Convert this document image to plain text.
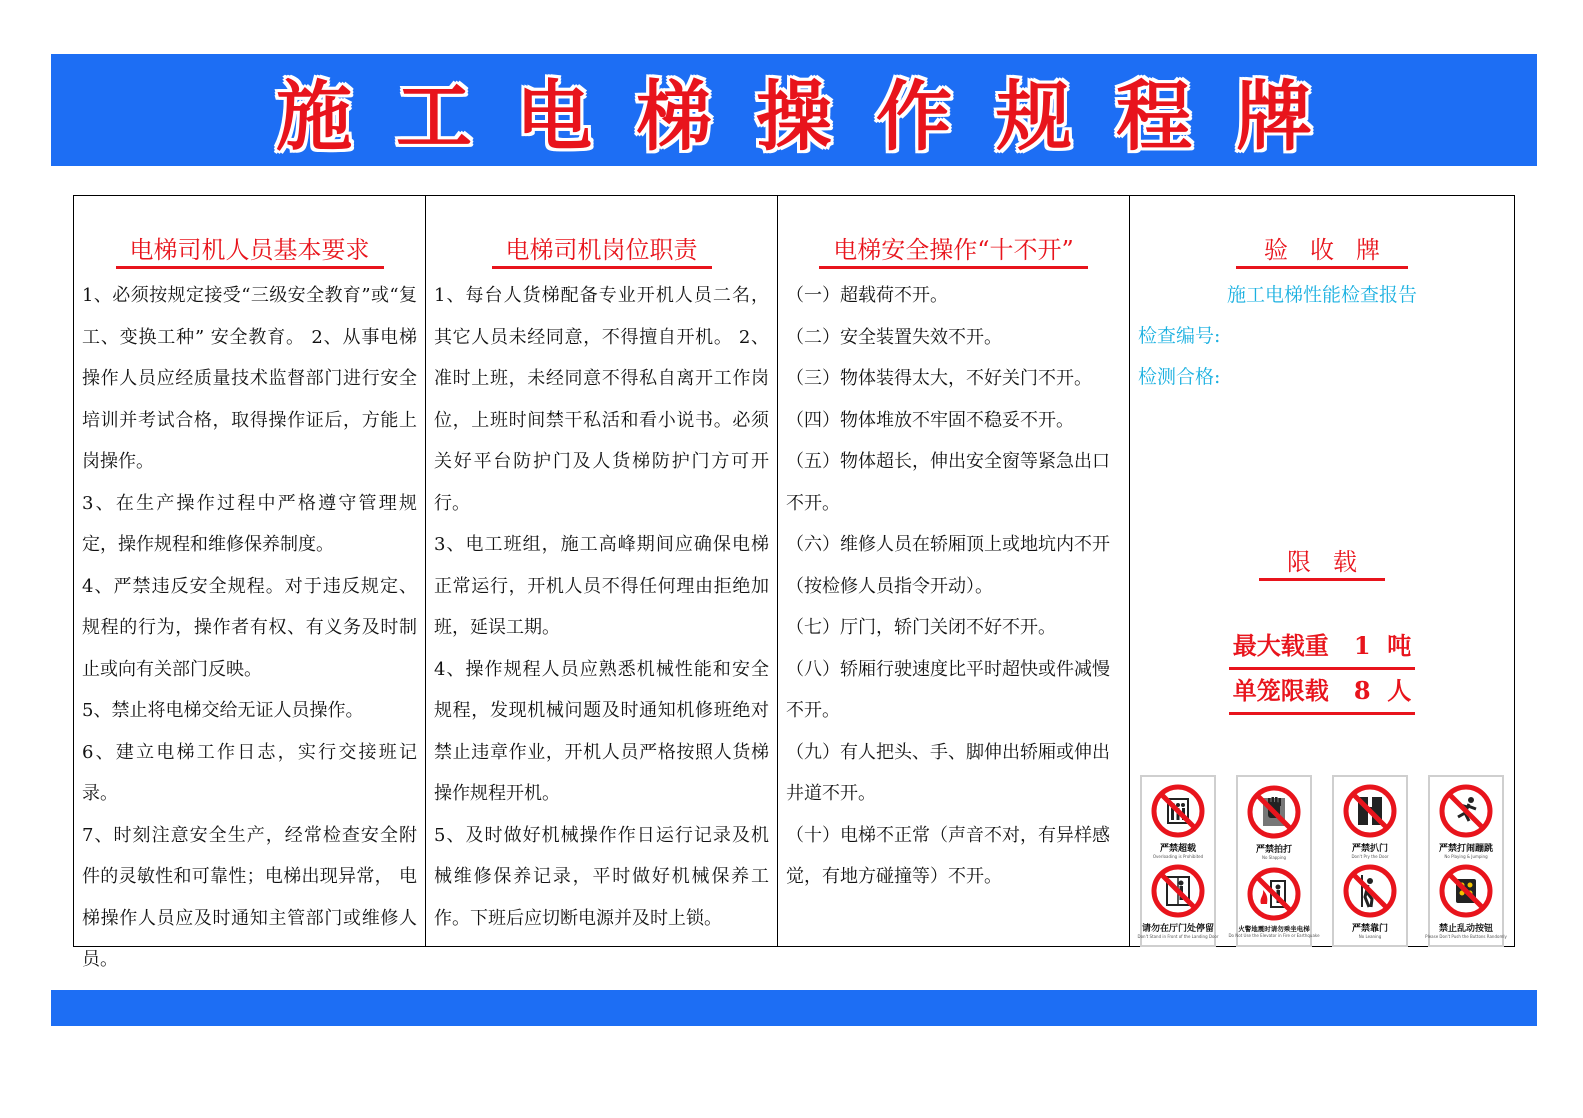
施工电梯操作规程牌
电梯司机人员基本要求

1、必须按规定接受“三级安全教育”或“复工、变换工种” 安全教育。 2、从事电梯操作人员应经质量技术监督部门进行安全培训并考试合格，取得操作证后，方能上岗操作。

3、在生产操作过程中严格遵守管理规定，操作规程和维修保养制度。

4、严禁违反安全规程。对于违反规定、规程的行为，操作者有权、有义务及时制止或向有关部门反映。

5、禁止将电梯交给无证人员操作。

6、建立电梯工作日志，实行交接班记录。

7、时刻注意安全生产，经常检查安全附件的灵敏性和可靠性；电梯出现异常， 电梯操作人员应及时通知主管部门或维修人员。

电梯司机岗位职责

1、每台人货梯配备专业开机人员二名，其它人员未经同意，不得擅自开机。 2、准时上班，未经同意不得私自离开工作岗位，上班时间禁干私活和看小说书。必须关好平台防护门及人货梯防护门方可开行。

3、电工班组，施工高峰期间应确保电梯正常运行，开机人员不得任何理由拒绝加班，延误工期。

4、操作规程人员应熟悉机械性能和安全规程，发现机械问题及时通知机修班绝对禁止违章作业，开机人员严格按照人货梯操作规程开机。

5、及时做好机械操作作日运行记录及机械维修保养记录，平时做好机械保养工作。下班后应切断电源并及时上锁。

电梯安全操作“十不开”

（一）超载荷不开。

（二）安全装置失效不开。

（三）物体装得太大，不好关门不开。

（四）物体堆放不牢固不稳妥不开。

（五）物体超长，伸出安全窗等紧急出口

不开。

（六）维修人员在轿厢顶上或地坑内不开

（按检修人员指令开动）。

（七）厅门，轿门关闭不好不开。

（八）轿厢行驶速度比平时超快或件减慢

不开。

（九）有人把头、手、脚伸出轿厢或伸出

井道不开。

（十）电梯不正常（声音不对，有异样感

觉，有地方碰撞等）不开。

验收牌
施工电梯性能检查报告
检查编号:
检测合格:
限载
最大载重   1  吨
单笼限载   8  人
严禁超载
Overloading is Prohibited
请勿在厅门处停留
Don't Stand in Front of the Landing Door
严禁拍打
No Slapping
火警地震时请勿乘坐电梯
Do Not Use the Elevator in Fire or Earthquake
严禁扒门
Don't Pry the Door
严禁靠门
No Leaning
严禁打闹蹦跳
No Playing & Jumping
禁止乱动按钮
Please Don't Push the Buttons Randomly
